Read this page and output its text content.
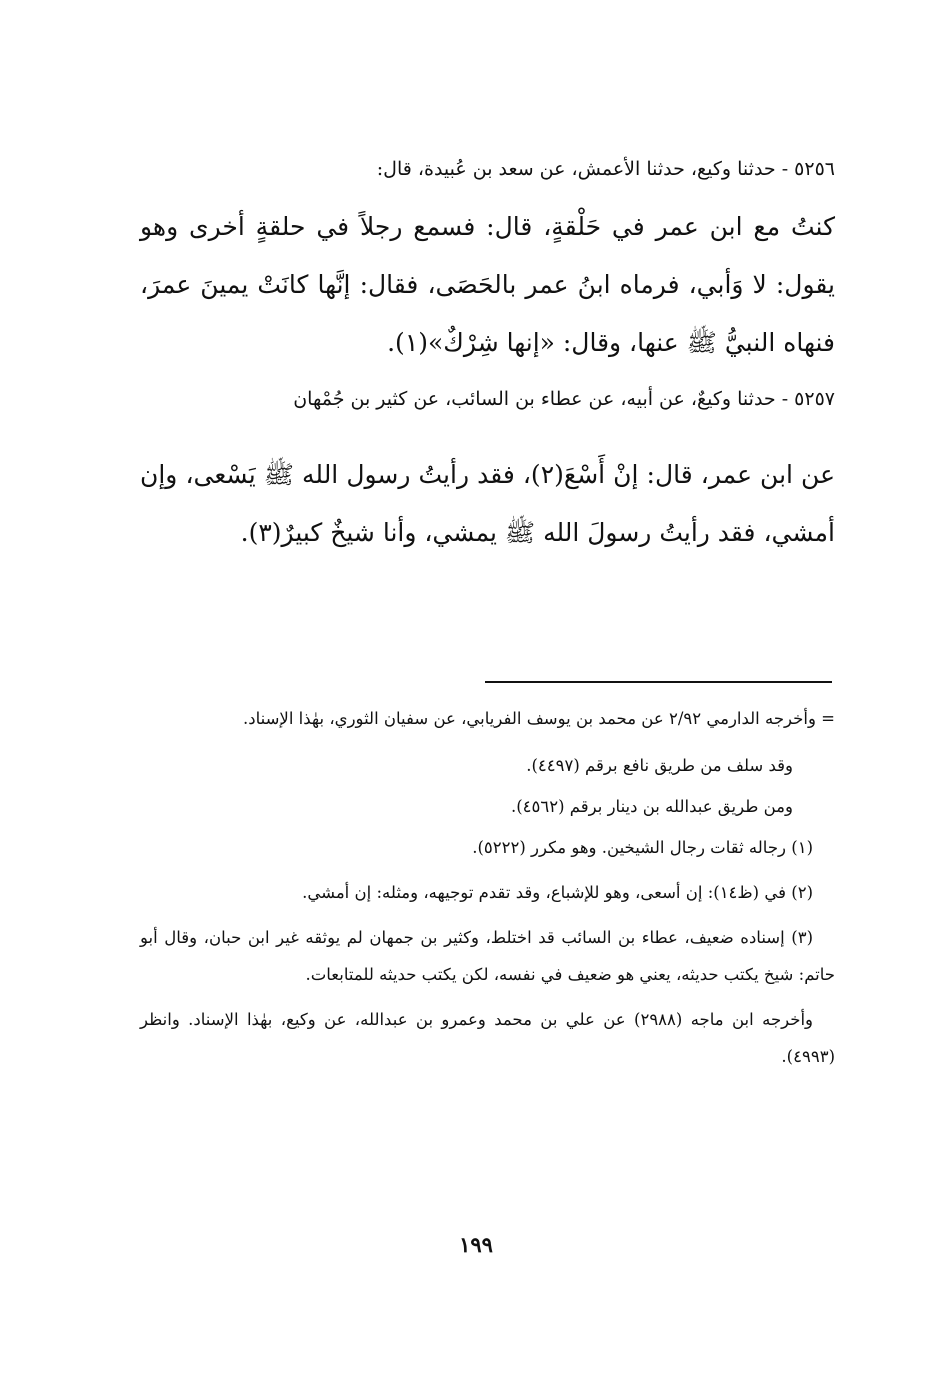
٥٢٥٦ - حدثنا وكيع، حدثنا الأعمش، عن سعد بن عُبيدة، قال:

كنتُ مع ابن عمر في حَلْقةٍ، قال: فسمع رجلاً في حلقةٍ أخرى وهو يقول: لا وَأبي، فرماه ابنُ عمر بالحَصَى، فقال: إنَّها كانَتْ يمينَ عمرَ، فنهاه النبيُّ ﷺ عنها، وقال: «إنها شِرْكٌ»(١).

٥٢٥٧ - حدثنا وكيعٌ، عن أبيه، عن عطاء بن السائب، عن كثير بن جُمْهان

عن ابن عمر، قال: إنْ أَسْعَ(٢)، فقد رأيتُ رسول الله ﷺ يَسْعى، وإن أمشي، فقد رأيتُ رسولَ الله ﷺ يمشي، وأنا شيخٌ كبيرٌ(٣).

= وأخرجه الدارمي ٢/٩٢ عن محمد بن يوسف الفريابي، عن سفيان الثوري، بهٰذا الإسناد.

وقد سلف من طريق نافع برقم (٤٤٩٧).

ومن طريق عبدالله بن دينار برقم (٤٥٦٢).

(١) رجاله ثقات رجال الشيخين. وهو مكرر (٥٢٢٢).

(٢) في (ظ١٤): إن أسعى، وهو للإشباع، وقد تقدم توجيهه، ومثله: إن أمشي.

(٣) إسناده ضعيف، عطاء بن السائب قد اختلط، وكثير بن جمهان لم يوثقه غير ابن حبان، وقال أبو حاتم: شيخ يكتب حديثه، يعني هو ضعيف في نفسه، لكن يكتب حديثه للمتابعات.

وأخرجه ابن ماجه (٢٩٨٨) عن علي بن محمد وعمرو بن عبدالله، عن وكيع، بهٰذا الإسناد. وانظر (٤٩٩٣).

١٩٩
